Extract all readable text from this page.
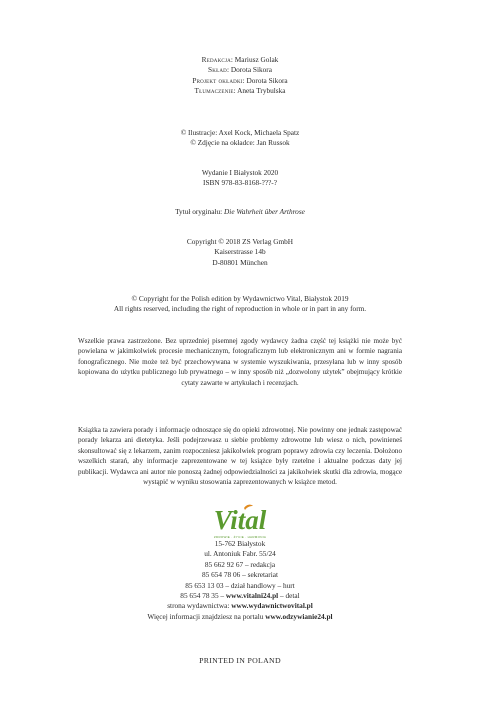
Redakcja: Mariusz Golak
Skład: Dorota Sikora
Projekt okładki: Dorota Sikora
Tłumaczenie: Aneta Trybulska
© Ilustracje: Axel Kock, Michaela Spatz
© Zdjęcie na okładce: Jan Russok
Wydanie I Białystok 2020
ISBN 978-83-8168-???-?
Tytuł oryginału: Die Wahrheit über Arthrose
Copyright © 2018 ZS Verlag GmbH
Kaiserstrasse 14b
D-80801 München
© Copyright for the Polish edition by Wydawnictwo Vital, Białystok 2019
All rights reserved, including the right of reproduction in whole or in part in any form.
Wszelkie prawa zastrzeżone. Bez uprzedniej pisemnej zgody wydawcy żadna część tej książki nie może być powielana w jakimkolwiek procesie mechanicznym, fotograficznym lub elektronicznym ani w formie nagrania fonograficznego. Nie może też być przechowywana w systemie wyszukiwania, przesyłana lub w inny sposób kopiowana do użytku publicznego lub prywatnego – w inny sposób niż „dozwolony użytek” obejmujący krótkie cytaty zawarte w artykułach i recenzjach.
Książka ta zawiera porady i informacje odnoszące się do opieki zdrowotnej. Nie powinny one jednak zastępować porady lekarza ani dietetyka. Jeśli podejrzewasz u siebie problemy zdrowotne lub wiesz o nich, powinieneś skonsultować się z lekarzem, zanim rozpoczniesz jakikolwiek program poprawy zdrowia czy leczenia. Dołożono wszelkich starań, aby informacje zaprezentowane w tej książce były rzetelne i aktualne podczas daty jej publikacji. Wydawca ani autor nie ponoszą żadnej odpowiedzialności za jakikolwiek skutki dla zdrowia, mogące wystąpić w wyniku stosowania zaprezentowanych w książce metod.
Vital
ZDROWIE · ŻYCIE · HARMONIA
15-762 Białystok
ul. Antoniuk Fabr. 55/24
85 662 92 67 – redakcja
85 654 78 06 – sekretariat
85 653 13 03 – dział handlowy – hurt
85 654 78 35 – www.vitalni24.pl – detal
strona wydawnictwa: www.wydawnictwovital.pl
Więcej informacji znajdziesz na portalu www.odzywianie24.pl
PRINTED IN POLAND
